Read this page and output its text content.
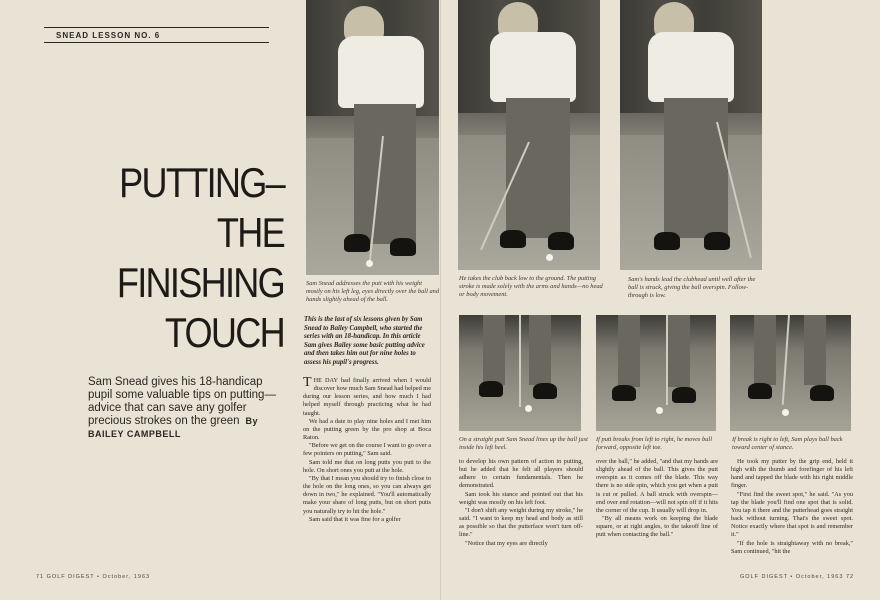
SNEAD LESSON NO. 6
PUTTING–
THE
FINISHING
TOUCH
Sam Snead gives his 18-handicap pupil some valuable tips on putting—advice that can save any golfer precious strokes on the green By BAILEY CAMPBELL
Sam Snead addresses the putt with his weight mostly on his left leg, eyes directly over the ball and hands slightly ahead of the ball.
This is the last of six lessons given by Sam Snead to Bailey Campbell, who started the series with an 18-handicap. In this article Sam gives Bailey some basic putting advice and then takes him out for nine holes to assess his pupil's progress.

THE DAY had finally arrived when I would discover how much Sam Snead had helped me during our lesson series, and how much I had helped myself through practicing what he had taught.

We had a date to play nine holes and I met him on the putting green by the pro shop at Boca Raton.

"Before we get on the course I want to go over a few pointers on putting," Sam said.

Sam told me that on long putts you putt to the hole. On short ones you putt at the hole.

"By that I mean you should try to finish close to the hole on the long ones, so you can always get down in two," he explained. "You'll automatically make your share of long putts, but on short putts you naturally try to hit the hole."

Sam said that it was fine for a golfer

71 GOLF DIGEST • October, 1963
He takes the club back low to the ground. The putting stroke is made solely with the arms and hands—no head or body movement.
Sam's hands lead the clubhead until well after the ball is struck, giving the ball overspin. Follow-through is low.
On a straight putt Sam Snead lines up the ball just inside his left heel.
If putt breaks from left to right, he moves ball forward, opposite left toe.
If break is right to left, Sam plays ball back toward center of stance.

to develop his own pattern of action in putting, but he added that he felt all players should adhere to certain fundamentals. Then he demonstrated.

Sam took his stance and pointed out that his weight was mostly on his left foot.

"I don't shift any weight during my stroke," he said. "I want to keep my head and body as still as possible so that the putterface won't turn off-line."

"Notice that my eyes are directly

over the ball," he added, "and that my hands are slightly ahead of the ball. This gives the putt overspin as it comes off the blade. This way there is no side spin, which you get when a putt is cut or pulled. A ball struck with overspin—end over end rotation—will not spin off if it hits the corner of the cup. It usually will drop in.

"By all means work on keeping the blade square, or at right angles, to the takeoff line of putt when contacting the ball."

He took my putter by the grip end, held it high with the thumb and forefinger of his left hand and tapped the blade with his right middle finger.

"First find the sweet spot," he said. "As you tap the blade you'll find one spot that is solid. You tap it there and the putterhead goes straight back without turning. That's the sweet spot. Notice exactly where that spot is and remember it."

"If the hole is straightaway with no break," Sam continued, "hit the

GOLF DIGEST • October, 1963 72
